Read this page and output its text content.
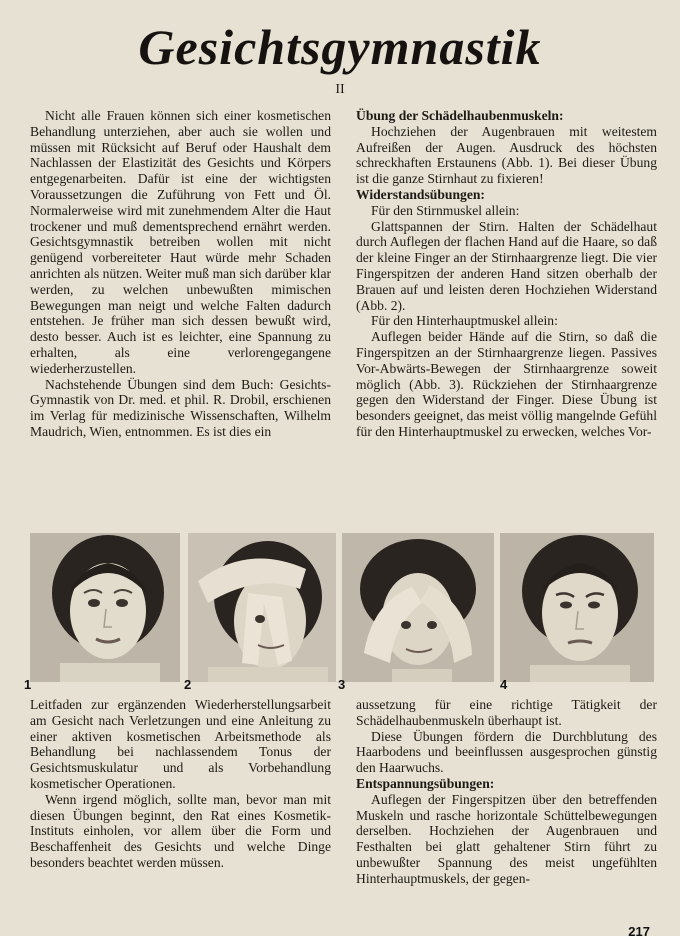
Gesichtsgymnastik
II

Nicht alle Frauen können sich einer kosmetischen Behandlung unterziehen, aber auch sie wollen und müssen mit Rücksicht auf Beruf oder Haushalt dem Nachlassen der Elastizität des Gesichts und Körpers entgegenarbeiten. Dafür ist eine der wichtigsten Voraussetzungen die Zuführung von Fett und Öl. Normalerweise wird mit zunehmendem Alter die Haut trockener und muß dementsprechend ernährt werden. Gesichtsgymnastik betreiben wollen mit nicht genügend vorbereiteter Haut würde mehr Schaden anrichten als nützen. Weiter muß man sich darüber klar werden, zu welchen unbewußten mimischen Bewegungen man neigt und welche Falten dadurch entstehen. Je früher man sich dessen bewußt wird, desto besser. Auch ist es leichter, eine Spannung zu erhalten, als eine verlorengegangene wiederherzustellen.

Nachstehende Übungen sind dem Buch: Gesichts-Gymnastik von Dr. med. et phil. R. Drobil, erschienen im Verlag für medizinische Wissenschaften, Wilhelm Maudrich, Wien, entnommen. Es ist dies ein

Übung der Schädelhaubenmuskeln:

Hochziehen der Augenbrauen mit weitestem Aufreißen der Augen. Ausdruck des höchsten schreckhaften Erstaunens (Abb. 1). Bei dieser Übung ist die ganze Stirnhaut zu fixieren!

Widerstandsübungen:

Für den Stirnmuskel allein:

Glattspannen der Stirn. Halten der Schädelhaut durch Auflegen der flachen Hand auf die Haare, so daß der kleine Finger an der Stirnhaargrenze liegt. Die vier Fingerspitzen der anderen Hand sitzen oberhalb der Brauen auf und leisten deren Hochziehen Widerstand (Abb. 2).

Für den Hinterhauptmuskel allein:

Auflegen beider Hände auf die Stirn, so daß die Fingerspitzen an der Stirnhaargrenze liegen. Passives Vor-Abwärts-Bewegen der Stirnhaargrenze soweit möglich (Abb. 3). Rückziehen der Stirnhaargrenze gegen den Widerstand der Finger. Diese Übung ist besonders geeignet, das meist völlig mangelnde Gefühl für den Hinterhauptmuskel zu erwecken, welches Vor-

1	2	3	4

Leitfaden zur ergänzenden Wiederherstellungsarbeit am Gesicht nach Verletzungen und eine Anleitung zu einer aktiven kosmetischen Arbeitsmethode als Behandlung bei nachlassendem Tonus der Gesichtsmuskulatur und als Vorbehandlung kosmetischer Operationen.

Wenn irgend möglich, sollte man, bevor man mit diesen Übungen beginnt, den Rat eines Kosmetik-Instituts einholen, vor allem über die Form und Beschaffenheit des Gesichts und welche Dinge besonders beachtet werden müssen.

aussetzung für eine richtige Tätigkeit der Schädelhaubenmuskeln überhaupt ist.

Diese Übungen fördern die Durchblutung des Haarbodens und beeinflussen ausgesprochen günstig den Haarwuchs.

Entspannungsübungen:

Auflegen der Fingerspitzen über den betreffenden Muskeln und rasche horizontale Schüttelbewegungen derselben. Hochziehen der Augenbrauen und Festhalten bei glatt gehaltener Stirn führt zu unbewußter Spannung des meist ungefühlten Hinterhauptmuskels, der gegen-

217
